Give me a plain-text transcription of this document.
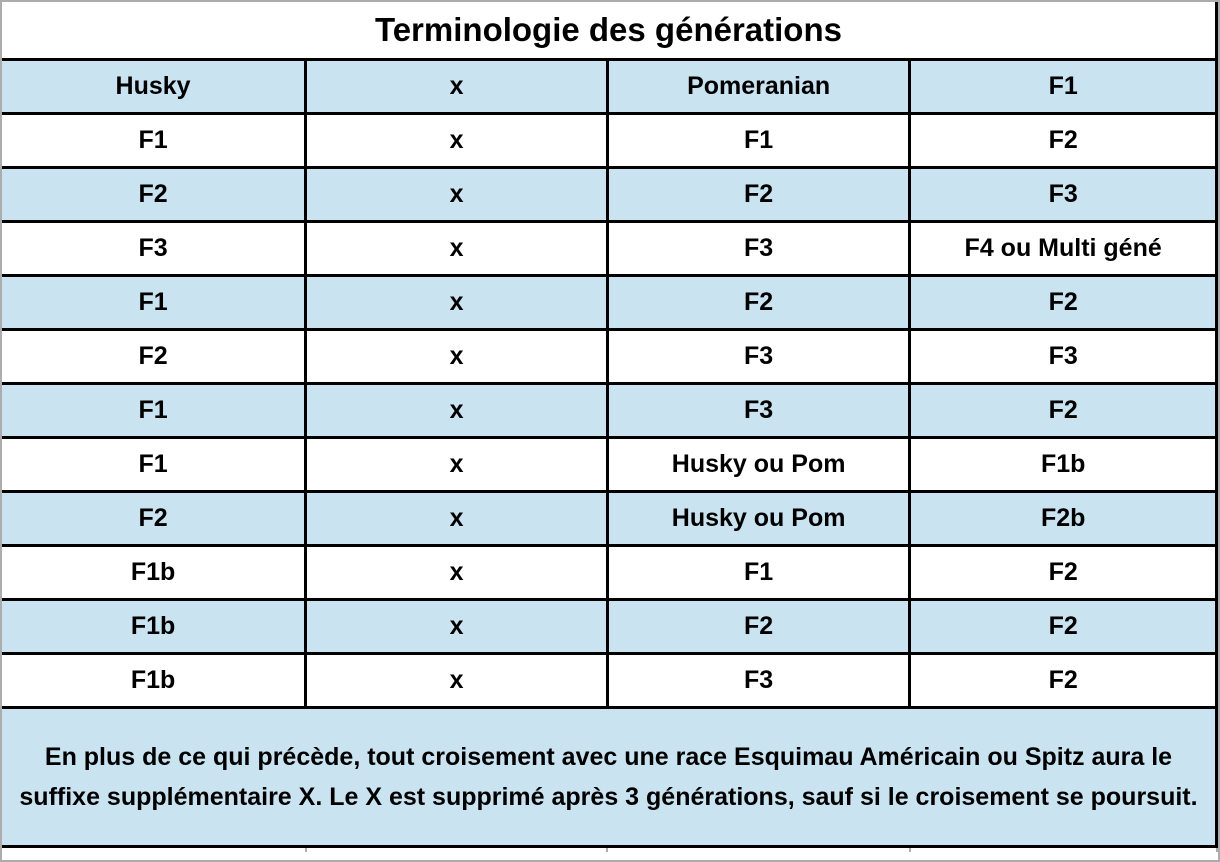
Terminologie des générations			
Husky	x	Pomeranian	F1
F1	x	F1	F2
F2	x	F2	F3
F3	x	F3	F4 ou Multi géné
F1	x	F2	F2
F2	x	F3	F3
F1	x	F3	F2
F1	x	Husky ou Pom	F1b
F2	x	Husky ou Pom	F2b
F1b	x	F1	F2
F1b	x	F2	F2
F1b	x	F3	F2
En plus de ce qui précède, tout croisement avec une race Esquimau Américain ou Spitz aura le suffixe supplémentaire X. Le X est supprimé après 3 générations, sauf si le croisement se poursuit.			
